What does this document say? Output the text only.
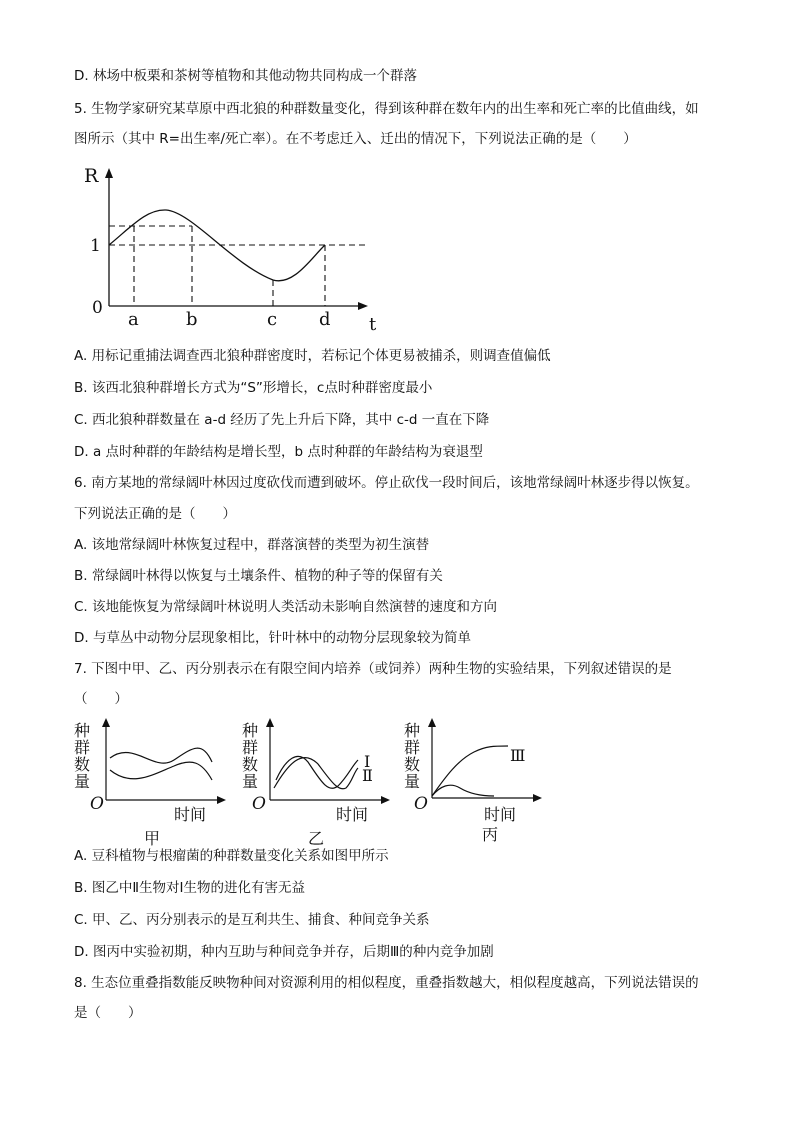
D. 林场中板栗和茶树等植物和其他动物共同构成一个群落
5. 生物学家研究某草原中西北狼的种群数量变化，得到该种群在数年内的出生率和死亡率的比值曲线，如
图所示（其中 R=出生率/死亡率）。在不考虑迁入、迁出的情况下，下列说法正确的是（　　）
R
1
0
a	b	c d t
A. 用标记重捕法调查西北狼种群密度时，若标记个体更易被捕杀，则调查值偏低
B. 该西北狼种群增长方式为“S”形增长，c点时种群密度最小
C. 西北狼种群数量在 a-d 经历了先上升后下降，其中 c-d 一直在下降
D. a 点时种群的年龄结构是增长型，b 点时种群的年龄结构为衰退型
6. 南方某地的常绿阔叶林因过度砍伐而遭到破坏。停止砍伐一段时间后，该地常绿阔叶林逐步得以恢复。
下列说法正确的是（　　）
A. 该地常绿阔叶林恢复过程中，群落演替的类型为初生演替
B. 常绿阔叶林得以恢复与土壤条件、植物的种子等的保留有关
C. 该地能恢复为常绿阔叶林说明人类活动未影响自然演替的速度和方向
D. 与草丛中动物分层现象相比，针叶林中的动物分层现象较为简单
7. 下图中甲、乙、丙分别表示在有限空间内培养（或饲养）两种生物的实验结果，下列叙述错误的是
（　　）
种群数量
O
时间
甲
种群数量
O
Ⅰ
Ⅱ
时间
乙
种群数量
O
Ⅲ
时间
丙
A. 豆科植物与根瘤菌的种群数量变化关系如图甲所示
B. 图乙中Ⅱ生物对Ⅰ生物的进化有害无益
C. 甲、乙、丙分别表示的是互利共生、捕食、种间竞争关系
D. 图丙中实验初期，种内互助与种间竞争并存，后期Ⅲ的种内竞争加剧
8. 生态位重叠指数能反映物种间对资源利用的相似程度，重叠指数越大，相似程度越高，下列说法错误的
是（　　）
